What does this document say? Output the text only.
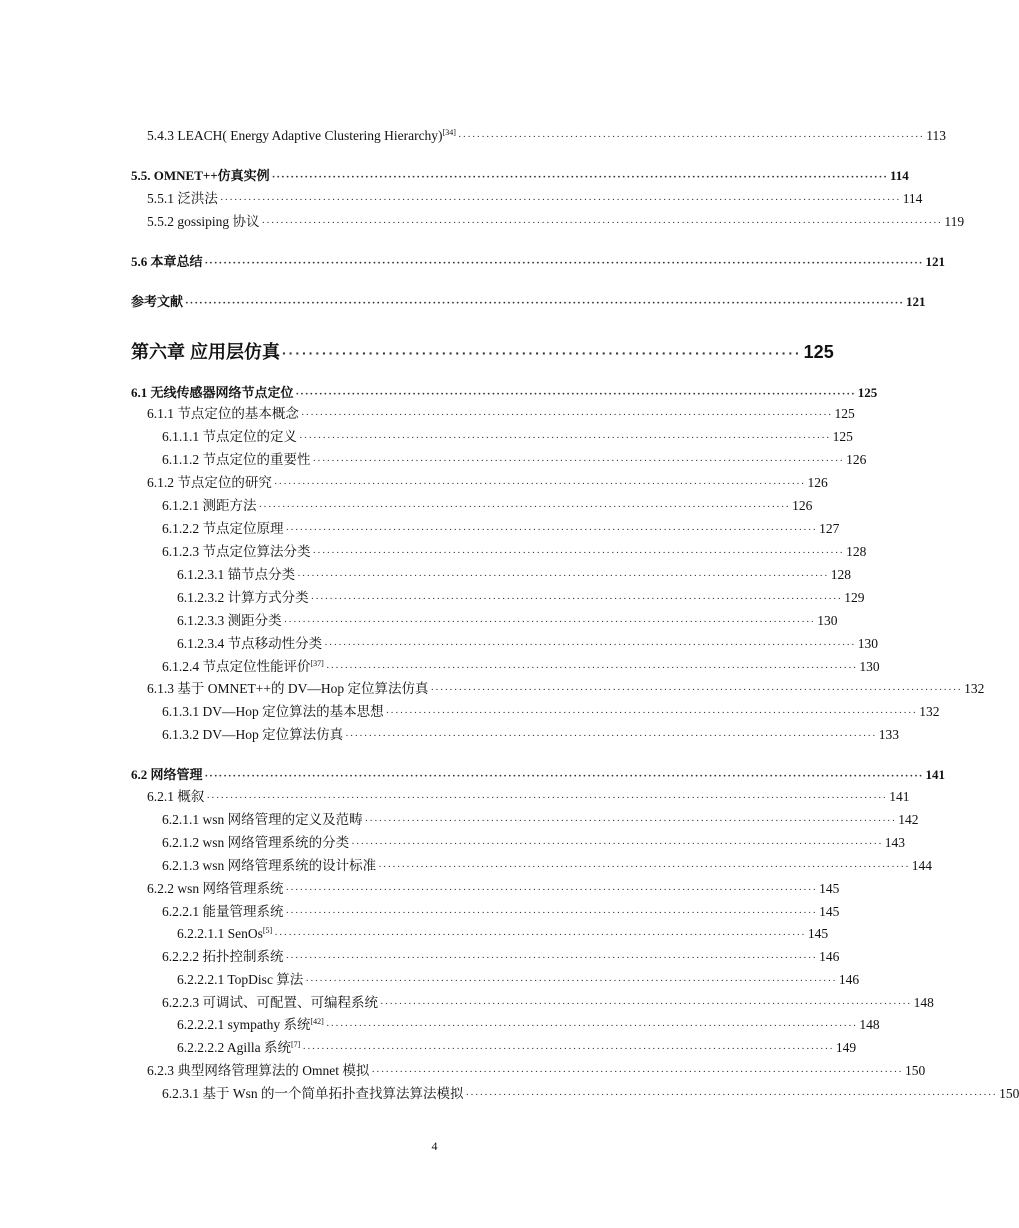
5.4.3 LEACH( Energy Adaptive Clustering Hierarchy)[34] ···································································································· 113
5.5. OMNET++仿真实例 ···································································································································· 114
5.5.1 泛洪法 ·················································································································································· 114
5.5.2 gossiping 协议 ·················································································································································· 119
5.6 本章总结 ·························································································································································· 121
参考文献 ·························································································································································· 121
第六章 应用层仿真 ·············································································· 125
6.1 无线传感器网络节点定位 ························································································································ 125
6.1.1 节点定位的基本概念 ·················································································································· 125
6.1.1.1 节点定位的定义 ·················································································································· 125
6.1.1.2 节点定位的重要性 ·················································································································· 126
6.1.2 节点定位的研究 ·················································································································· 126
6.1.2.1 测距方法 ·················································································································· 126
6.1.2.2 节点定位原理 ·················································································································· 127
6.1.2.3 节点定位算法分类 ·················································································································· 128
6.1.2.3.1 锚节点分类 ·················································································································· 128
6.1.2.3.2 计算方式分类 ·················································································································· 129
6.1.2.3.3 测距分类 ·················································································································· 130
6.1.2.3.4 节点移动性分类 ·················································································································· 130
6.1.2.4 节点定位性能评价[37] ·················································································································· 130
6.1.3 基于 OMNET++的 DV—Hop 定位算法仿真 ·················································································································· 132
6.1.3.1 DV—Hop 定位算法的基本思想 ·················································································································· 132
6.1.3.2 DV—Hop 定位算法仿真 ·················································································································· 133
6.2 网络管理 ·························································································································································· 141
6.2.1 概叙 ·················································································································································· 141
6.2.1.1 wsn 网络管理的定义及范畴 ·················································································································· 142
6.2.1.2 wsn 网络管理系统的分类 ·················································································································· 143
6.2.1.3 wsn 网络管理系统的设计标准 ·················································································································· 144
6.2.2 wsn 网络管理系统 ·················································································································· 145
6.2.2.1 能量管理系统 ·················································································································· 145
6.2.2.1.1 SenOs[5] ·················································································································· 145
6.2.2.2 拓扑控制系统 ·················································································································· 146
6.2.2.2.1 TopDisc 算法 ·················································································································· 146
6.2.2.3 可调试、可配置、可编程系统 ·················································································································· 148
6.2.2.2.1 sympathy 系统[42] ·················································································································· 148
6.2.2.2.2 Agilla 系统[7] ·················································································································· 149
6.2.3 典型网络管理算法的 Omnet 模拟 ·················································································································· 150
6.2.3.1 基于 Wsn 的一个简单拓扑查找算法算法模拟 ·················································································································· 150
4
